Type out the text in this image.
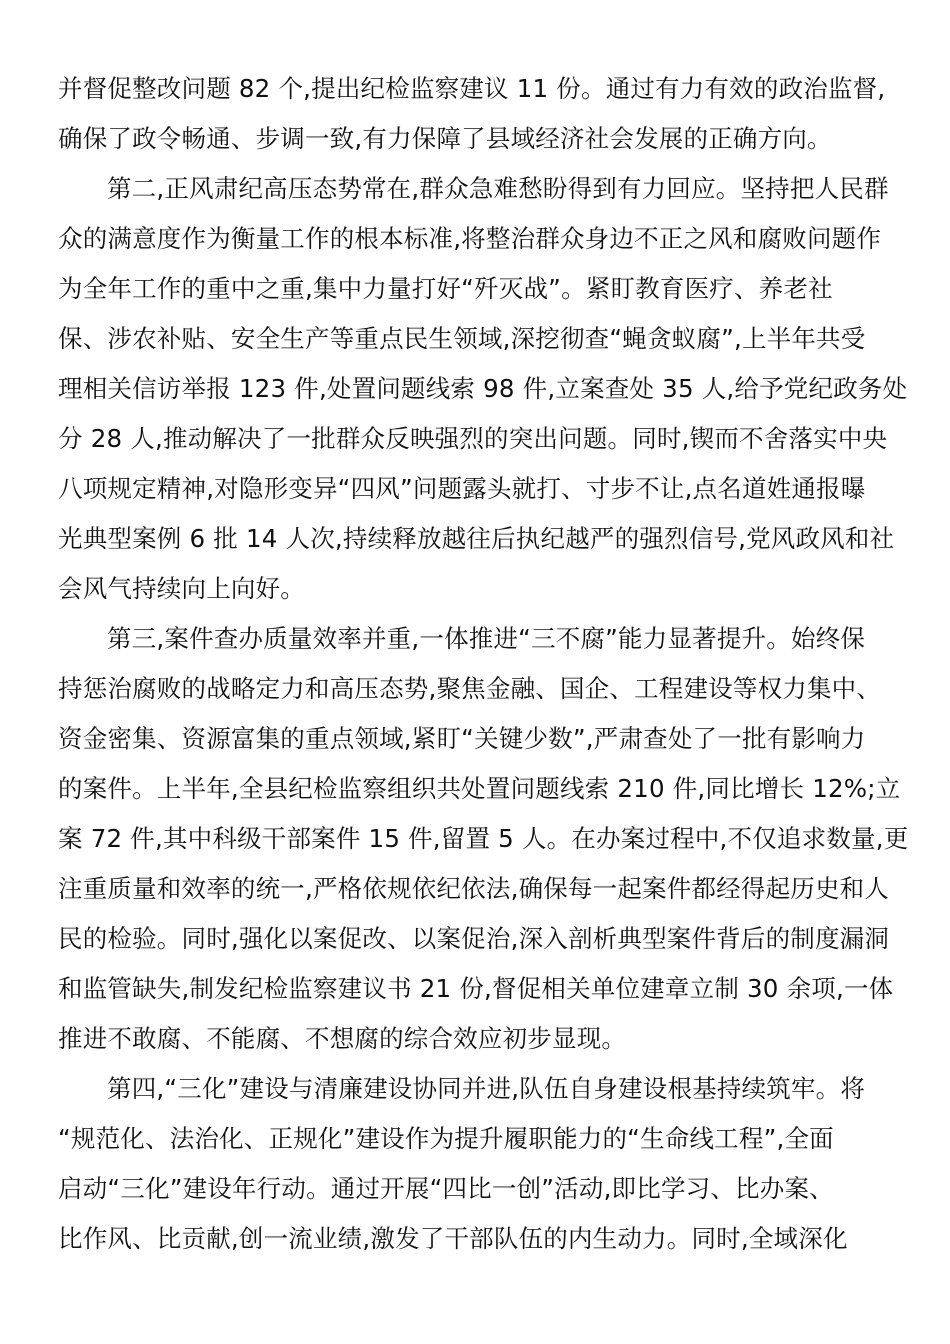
并督促整改问题 82 个,提出纪检监察建议 11 份。通过有力有效的政治监督,
确保了政令畅通、步调一致,有力保障了县域经济社会发展的正确方向。
第二,正风肃纪高压态势常在,群众急难愁盼得到有力回应。坚持把人民群
众的满意度作为衡量工作的根本标准,将整治群众身边不正之风和腐败问题作
为全年工作的重中之重,集中力量打好“歼灭战”。紧盯教育医疗、养老社
保、涉农补贴、安全生产等重点民生领域,深挖彻查“蝇贪蚁腐”,上半年共受
理相关信访举报 123 件,处置问题线索 98 件,立案查处 35 人,给予党纪政务处
分 28 人,推动解决了一批群众反映强烈的突出问题。同时,锲而不舍落实中央
八项规定精神,对隐形变异“四风”问题露头就打、寸步不让,点名道姓通报曝
光典型案例 6 批 14 人次,持续释放越往后执纪越严的强烈信号,党风政风和社
会风气持续向上向好。
第三,案件查办质量效率并重,一体推进“三不腐”能力显著提升。始终保
持惩治腐败的战略定力和高压态势,聚焦金融、国企、工程建设等权力集中、
资金密集、资源富集的重点领域,紧盯“关键少数”,严肃查处了一批有影响力
的案件。上半年,全县纪检监察组织共处置问题线索 210 件,同比增长 12%;立
案 72 件,其中科级干部案件 15 件,留置 5 人。在办案过程中,不仅追求数量,更
注重质量和效率的统一,严格依规依纪依法,确保每一起案件都经得起历史和人
民的检验。同时,强化以案促改、以案促治,深入剖析典型案件背后的制度漏洞
和监管缺失,制发纪检监察建议书 21 份,督促相关单位建章立制 30 余项,一体
推进不敢腐、不能腐、不想腐的综合效应初步显现。
第四,“三化”建设与清廉建设协同并进,队伍自身建设根基持续筑牢。将
“规范化、法治化、正规化”建设作为提升履职能力的“生命线工程”,全面
启动“三化”建设年行动。通过开展“四比一创”活动,即比学习、比办案、
比作风、比贡献,创一流业绩,激发了干部队伍的内生动力。同时,全域深化
